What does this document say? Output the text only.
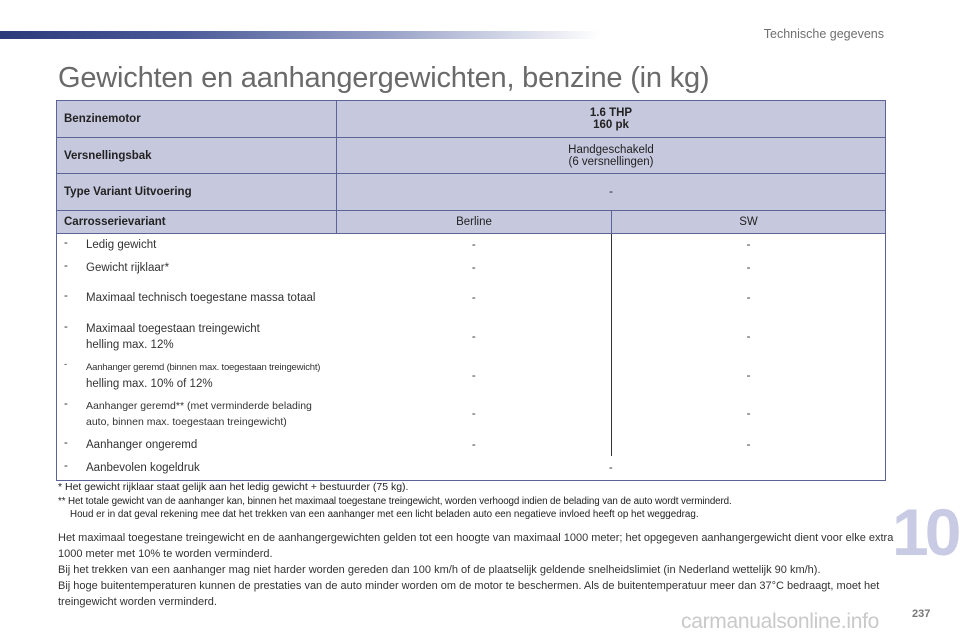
Technische gegevens
Gewichten en aanhangergewichten, benzine (in kg)
Benzinemotor	1.6 THP
160 pk	

Versnellingsbak	Handgeschakeld
(6 versnellingen)	

Type Variant Uitvoering	-	
Carrosserievariant	Berline	SW

- Ledig gewicht	-	-

- Gewicht rijklaar*	-	-

- Maximaal technisch toegestane massa totaal	-	-

- Maximaal toegestaan treingewicht
helling max. 12%	-	-

- Aanhanger geremd (binnen max. toegestaan treingewicht)
helling max. 10% of 12%	-	-

- Aanhanger geremd** (met verminderde belading
auto, binnen max. toegestaan treingewicht)	-	-

- Aanhanger ongeremd	-	-

- Aanbevolen kogeldruk	-	
* Het gewicht rijklaar staat gelijk aan het ledig gewicht + bestuurder (75 kg).
** Het totale gewicht van de aanhanger kan, binnen het maximaal toegestane treingewicht, worden verhoogd indien de belading van de auto wordt verminderd.
Houd er in dat geval rekening mee dat het trekken van een aanhanger met een licht beladen auto een negatieve invloed heeft op het weggedrag.
Het maximaal toegestane treingewicht en de aanhangergewichten gelden tot een hoogte van maximaal 1000 meter; het opgegeven aanhangergewicht dient voor elke extra 1000 meter met 10% te worden verminderd.
Bij het trekken van een aanhanger mag niet harder worden gereden dan 100 km/h of de plaatselijk geldende snelheidslimiet (in Nederland wettelijk 90 km/h).
Bij hoge buitentemperaturen kunnen de prestaties van de auto minder worden om de motor te beschermen. Als de buitentemperatuur meer dan 37°C bedraagt, moet het treingewicht worden verminderd.
10
237
carmanualsonline.info
